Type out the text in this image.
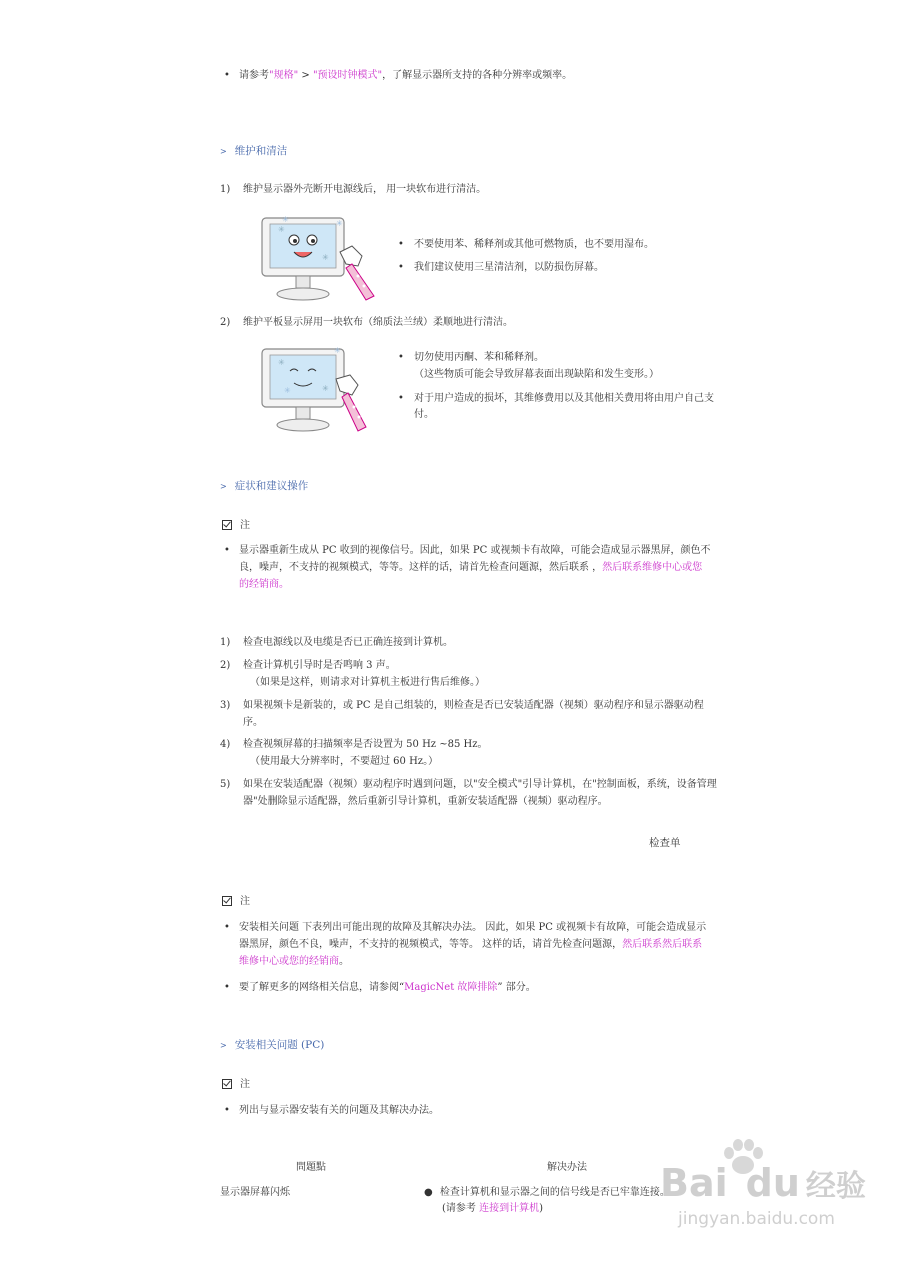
• 请参考"规格" > "预设时钟模式"，了解显示器所支持的各种分辨率或频率。
> 维护和清洁
1) 维护显示器外壳断开电源线后， 用一块软布进行清洁。
✳
✳
✳	✳
• 不要使用苯、稀释剂或其他可燃物质，也不要用湿布。
• 我们建议使用三星清洁剂，以防损伤屏幕。
2) 维护平板显示屏用一块软布（绵质法兰绒）柔顺地进行清洁。
✳
✳
✳
✳
• 切勿使用丙酮、苯和稀释剂。
（这些物质可能会导致屏幕表面出现缺陷和发生变形。）
• 对于用户造成的损坏，其维修费用以及其他相关费用将由用户自己支
付。
> 症状和建议操作
注
• 显示器重新生成从 PC 收到的视像信号。因此，如果 PC 或视频卡有故障，可能会造成显示器黑屏，颜色不
良，噪声，不支持的视频模式，等等。这样的话，请首先检查问题源，然后联系 ，然后联系维修中心或您
的经销商。
1) 检查电源线以及电缆是否已正确连接到计算机。
2) 检查计算机引导时是否鸣响 3 声。
（如果是这样，则请求对计算机主板进行售后维修。）
3) 如果视频卡是新装的，或 PC 是自己组装的，则检查是否已安装适配器（视频）驱动程序和显示器驱动程
序。
4) 检查视频屏幕的扫描频率是否设置为 50 Hz ~85 Hz。
（使用最大分辨率时，不要超过 60 Hz。）
5) 如果在安装适配器（视频）驱动程序时遇到问题，以"安全模式"引导计算机，在"控制面板，系统，设备管理
器"处删除显示适配器，然后重新引导计算机，重新安装适配器（视频）驱动程序。
检查单
注
• 安装相关问题 下表列出可能出现的故障及其解决办法。 因此，如果 PC 或视频卡有故障，可能会造成显示
器黑屏，颜色不良，噪声，不支持的视频模式，等等。 这样的话，请首先检查问题源，然后联系然后联系
维修中心或您的经销商。
• 要了解更多的网络相关信息，请参阅“MagicNet 故障排除” 部分。
> 安装相关问题 (PC)
注
• 列出与显示器安装有关的问题及其解决办法。
問題點	解决办法
显示器屏幕闪烁	● 检查计算机和显示器之间的信号线是否已牢靠连接。
(请参考 连接到计算机)
Bai du 经验
jingyan.baidu.com
